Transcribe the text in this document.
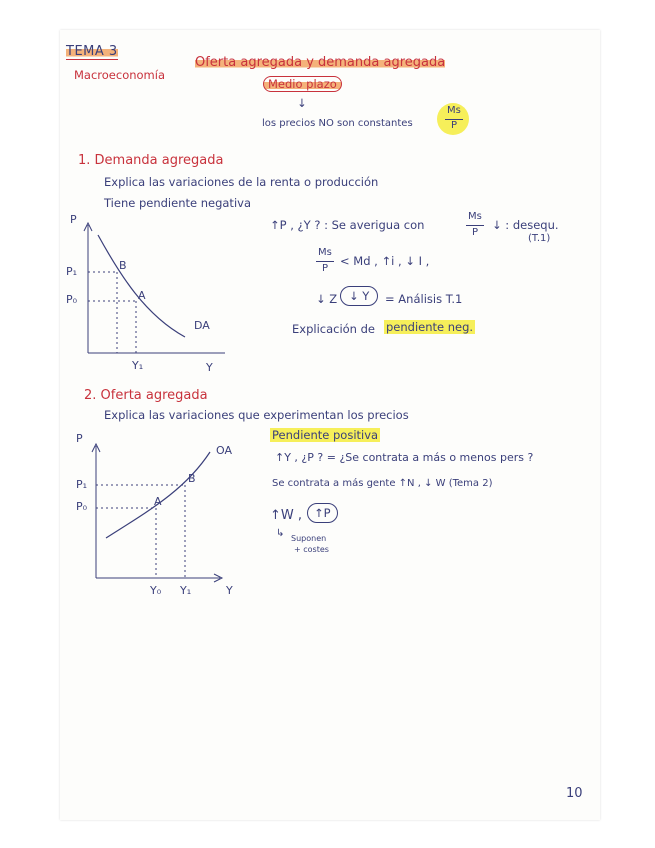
TEMA 3
Macroeconomía
Oferta agregada y demanda agregada
Medio plazo
↓
los precios NO son constantes
Ms
P
1. Demanda agregada
Explica las variaciones de la renta o producción
Tiene pendiente negativa
↑P , ¿Y ? : Se averigua con
Ms
P
↓ : desequ.
(T.1)
Ms
P
< Md , ↑i , ↓ I ,
↓ Z	↓ Y	= Análisis T.1
Explicación de pendiente neg.
P
Y
P₁
P₀
B
A
DA
Y₁
2. Oferta agregada
Explica las variaciones que experimentan los precios
Pendiente positiva
↑Y , ¿P ? = ¿Se contrata a más o menos pers ?
Se contrata a más gente ↑N , ↓ W (Tema 2)
↑W ,	↑P
↳ Suponen
+ costes
P
Y
P₁
P₀
B
A
OA
Y₀ Y₁
10
